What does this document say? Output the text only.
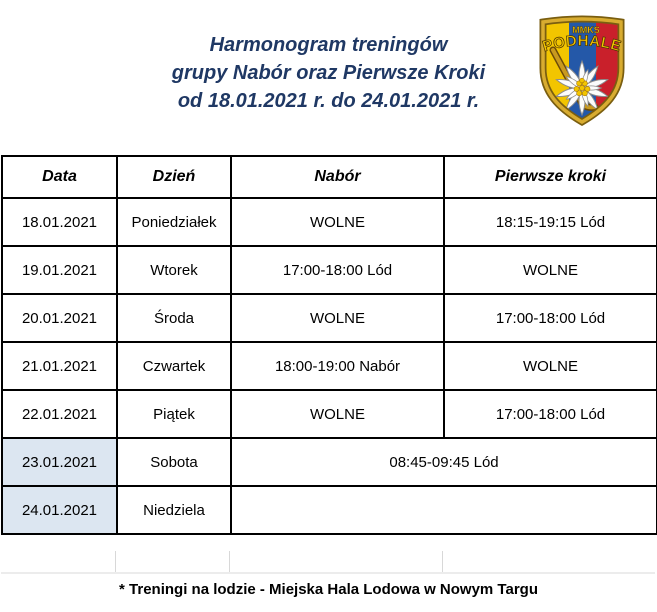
Harmonogram treningów
grupy Nabór oraz Pierwsze Kroki
od 18.01.2021 r. do 24.01.2021 r.
MMKS
PODHALE
Data	Dzień	Nabór	Pierwsze kroki
18.01.2021	Poniedziałek	WOLNE	18:15-19:15 Lód
19.01.2021	Wtorek	17:00-18:00 Lód	WOLNE
20.01.2021	Środa	WOLNE	17:00-18:00 Lód
21.01.2021	Czwartek	18:00-19:00 Nabór	WOLNE
22.01.2021	Piątek	WOLNE	17:00-18:00 Lód
23.01.2021	Sobota	08:45-09:45 Lód	
24.01.2021	Niedziela		
* Treningi na lodzie - Miejska Hala Lodowa w Nowym Targu
